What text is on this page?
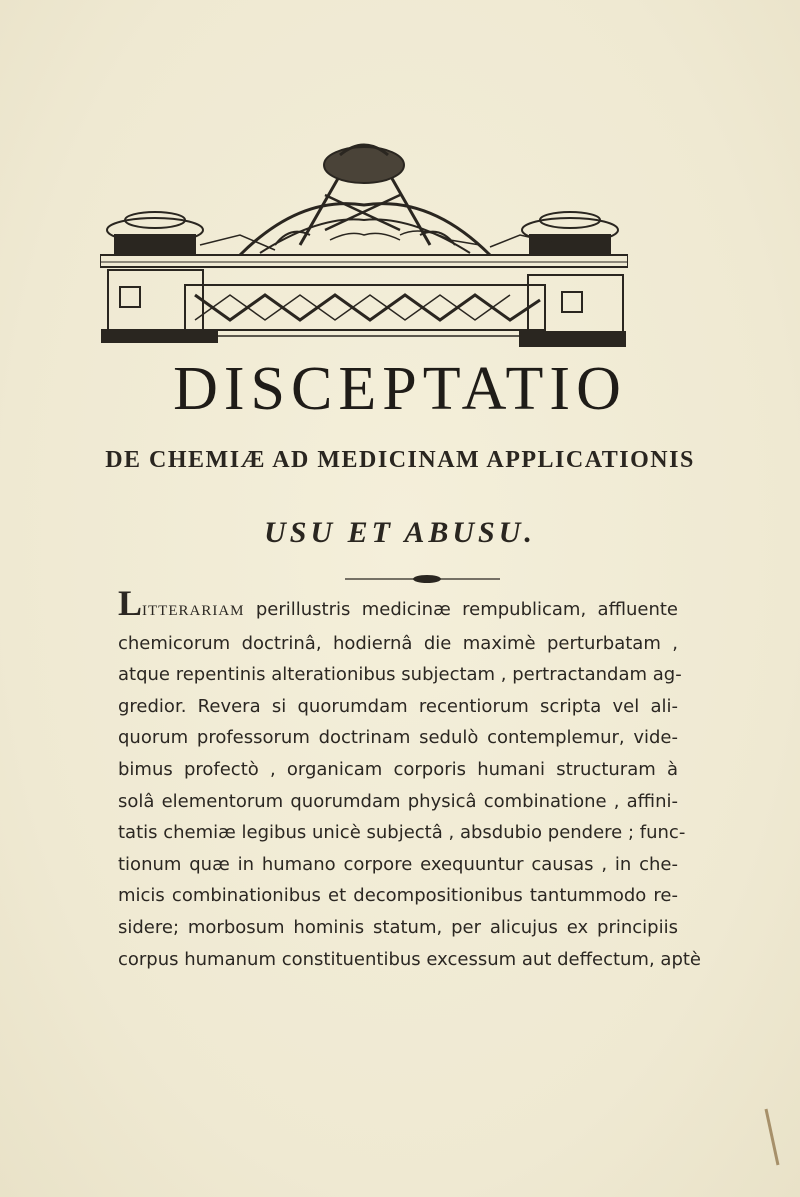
DISCEPTATIO
DE CHEMIÆ AD MEDICINAM APPLICATIONIS
USU ET ABUSU.
LITTERARIAM perillustris medicinæ rempublicam, affluente
chemicorum doctrinâ, hodiernâ die maximè perturbatam ,
atque repentinis alterationibus subjectam , pertractandam ag-
gredior. Revera si quorumdam recentiorum scripta vel ali-
quorum professorum doctrinam sedulò contemplemur, vide-
bimus profectò , organicam corporis humani structuram à
solâ elementorum quorumdam physicâ combinatione , affini-
tatis chemiæ legibus unicè subjectâ , absdubio pendere ; func-
tionum quæ in humano corpore exequuntur causas , in che-
micis combinationibus et decompositionibus tantummodo re-
sidere; morbosum hominis statum, per alicujus ex principiis
corpus humanum constituentibus excessum aut deffectum, aptè
